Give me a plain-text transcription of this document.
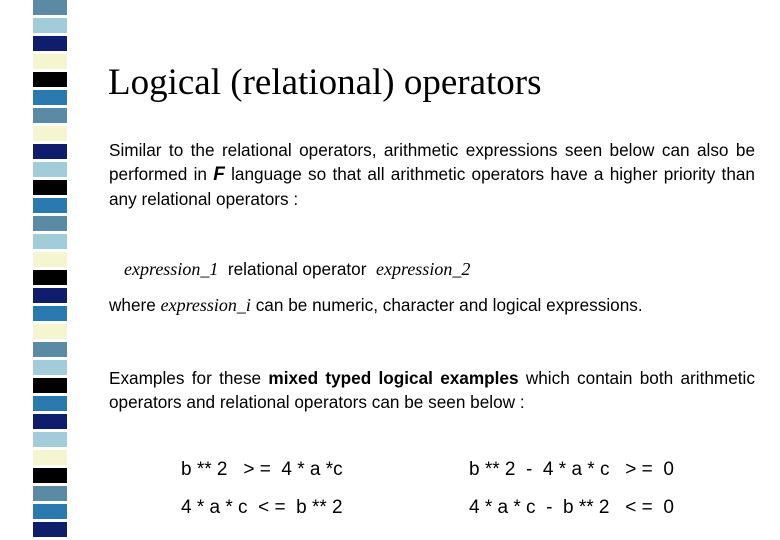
Logical (relational) operators
Similar to the relational operators, arithmetic expressions seen below can also be performed in F language so that all arithmetic operators have a higher priority than any relational operators :
expression_1 relational operator expression_2
where expression_i can be numeric, character and logical expressions.
Examples for these mixed typed logical examples which contain both arithmetic operators and relational operators can be seen below :
b ** 2   > =  4 * a *c	b ** 2  -  4 * a * c   > =  0
4 * a * c  < =  b ** 2	4 * a * c  -  b ** 2   < =  0
